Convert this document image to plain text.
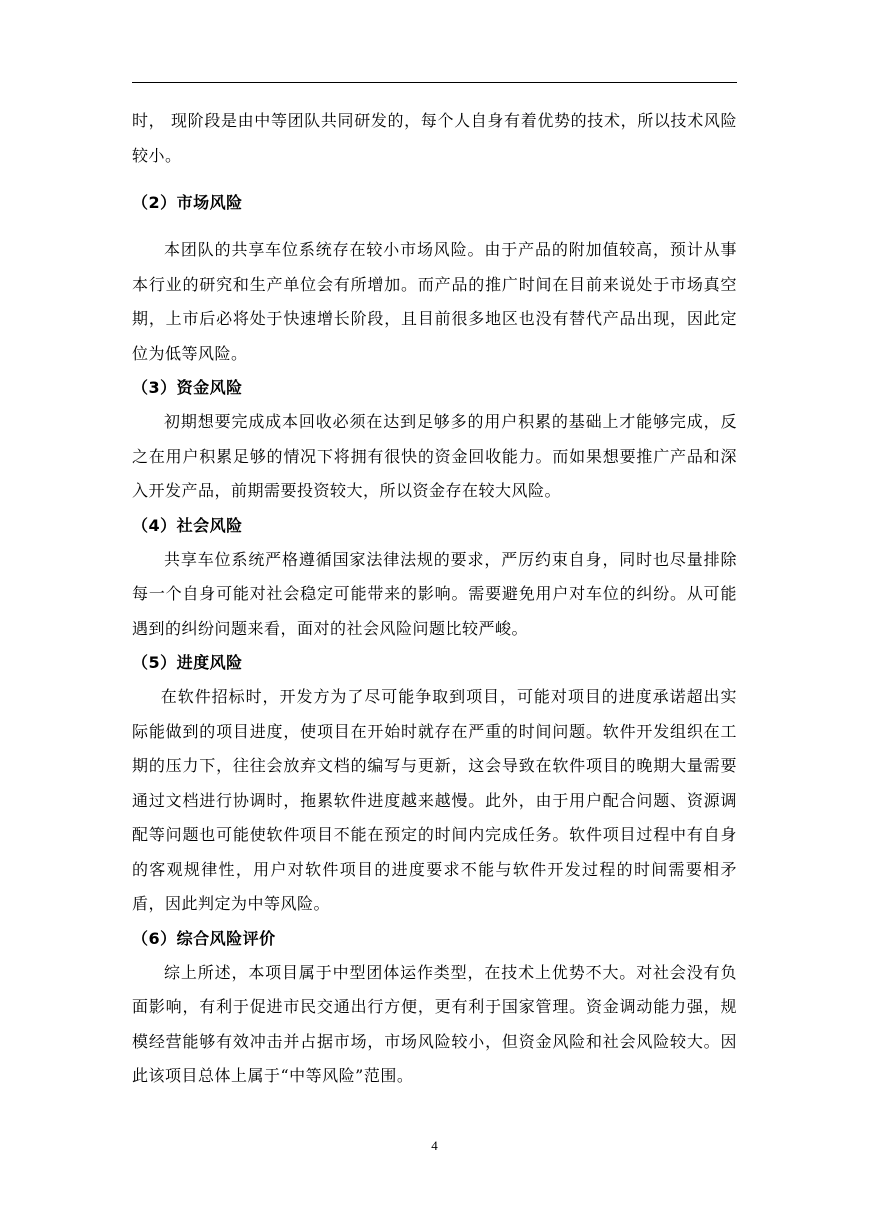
时， 现阶段是由中等团队共同研发的，每个人自身有着优势的技术，所以技术风险较小。

（2）市场风险

本团队的共享车位系统存在较小市场风险。由于产品的附加值较高，预计从事本行业的研究和生产单位会有所增加。而产品的推广时间在目前来说处于市场真空期，上市后必将处于快速增长阶段，且目前很多地区也没有替代产品出现，因此定位为低等风险。

（3）资金风险

初期想要完成成本回收必须在达到足够多的用户积累的基础上才能够完成，反之在用户积累足够的情况下将拥有很快的资金回收能力。而如果想要推广产品和深入开发产品，前期需要投资较大，所以资金存在较大风险。

（4）社会风险

共享车位系统严格遵循国家法律法规的要求，严厉约束自身，同时也尽量排除每一个自身可能对社会稳定可能带来的影响。需要避免用户对车位的纠纷。从可能遇到的纠纷问题来看，面对的社会风险问题比较严峻。

（5）进度风险

在软件招标时，开发方为了尽可能争取到项目，可能对项目的进度承诺超出实际能做到的项目进度，使项目在开始时就存在严重的时间问题。软件开发组织在工期的压力下，往往会放弃文档的编写与更新，这会导致在软件项目的晚期大量需要通过文档进行协调时，拖累软件进度越来越慢。此外，由于用户配合问题、资源调配等问题也可能使软件项目不能在预定的时间内完成任务。软件项目过程中有自身的客观规律性，用户对软件项目的进度要求不能与软件开发过程的时间需要相矛盾，因此判定为中等风险。

（6）综合风险评价

综上所述，本项目属于中型团体运作类型，在技术上优势不大。对社会没有负面影响，有利于促进市民交通出行方便，更有利于国家管理。资金调动能力强，规模经营能够有效冲击并占据市场，市场风险较小，但资金风险和社会风险较大。因此该项目总体上属于“中等风险”范围。

4
